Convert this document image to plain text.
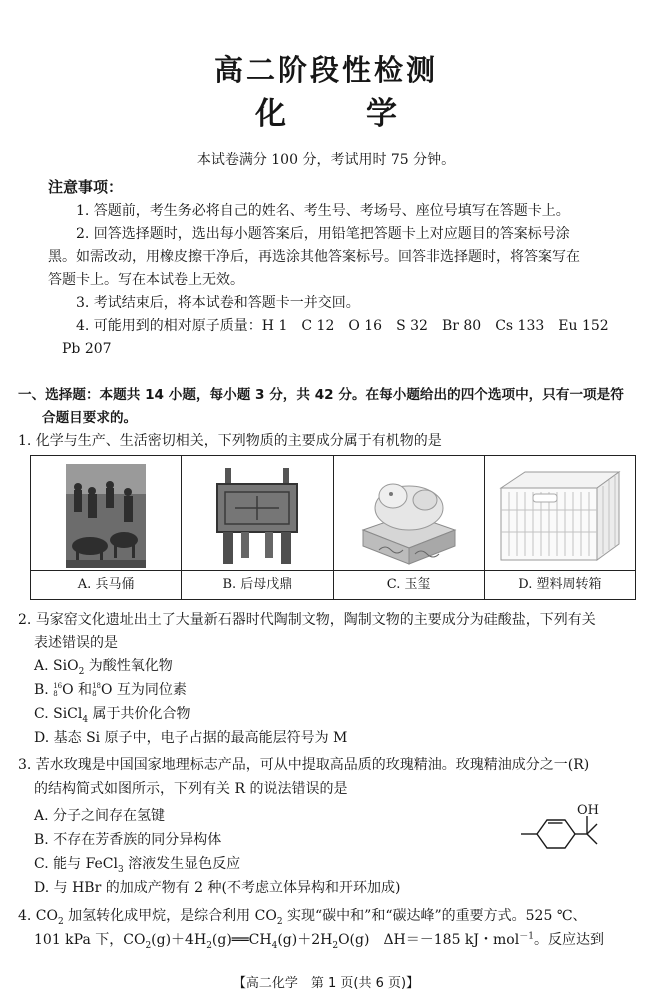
高二阶段性检测
化	学
本试卷满分 100 分，考试用时 75 分钟。
注意事项：
1. 答题前，考生务必将自己的姓名、考生号、考场号、座位号填写在答题卡上。
2. 回答选择题时，选出每小题答案后，用铅笔把答题卡上对应题目的答案标号涂
黑。如需改动，用橡皮擦干净后，再选涂其他答案标号。回答非选择题时，将答案写在
答题卡上。写在本试卷上无效。
3. 考试结束后，将本试卷和答题卡一并交回。
4. 可能用到的相对原子质量：H 1　C 12　O 16　S 32　Br 80　Cs 133　Eu 152
Pb 207
一、选择题：本题共 14 小题，每小题 3 分，共 42 分。在每小题给出的四个选项中，只有一项是符
合题目要求的。
1. 化学与生产、生活密切相关，下列物质的主要成分属于有机物的是
A. 兵马俑	B. 后母戊鼎	C. 玉玺	D. 塑料周转箱
2. 马家窑文化遗址出土了大量新石器时代陶制文物，陶制文物的主要成分为硅酸盐，下列有关
表述错误的是
A. SiO$_2$ 为酸性氧化物
B. 16
8 O 和 18
8 O 互为同位素
C. SiCl$_4$ 属于共价化合物
D. 基态 Si 原子中，电子占据的最高能层符号为 M
3. 苦水玫瑰是中国国家地理标志产品，可从中提取高品质的玫瑰精油。玫瑰精油成分之一(R)
的结构简式如图所示，下列有关 R 的说法错误的是
A. 分子之间存在氢键
B. 不存在芳香族的同分异构体
C. 能与 FeCl$_3$ 溶液发生显色反应
D. 与 HBr 的加成产物有 2 种(不考虑立体异构和开环加成)
OH
4. $CO_2$ 加氢转化成甲烷，是综合利用 $CO_2$ 实现“碳中和”和“碳达峰”的重要方式。525 ℃、
101 kPa 下，$CO_2(g)+4H_2(g)══CH_4(g)+2H_2O(g)$　ΔH＝－185 kJ・mol$^{-1}$。反应达到
【高二化学　第 1 页(共 6 页)】
